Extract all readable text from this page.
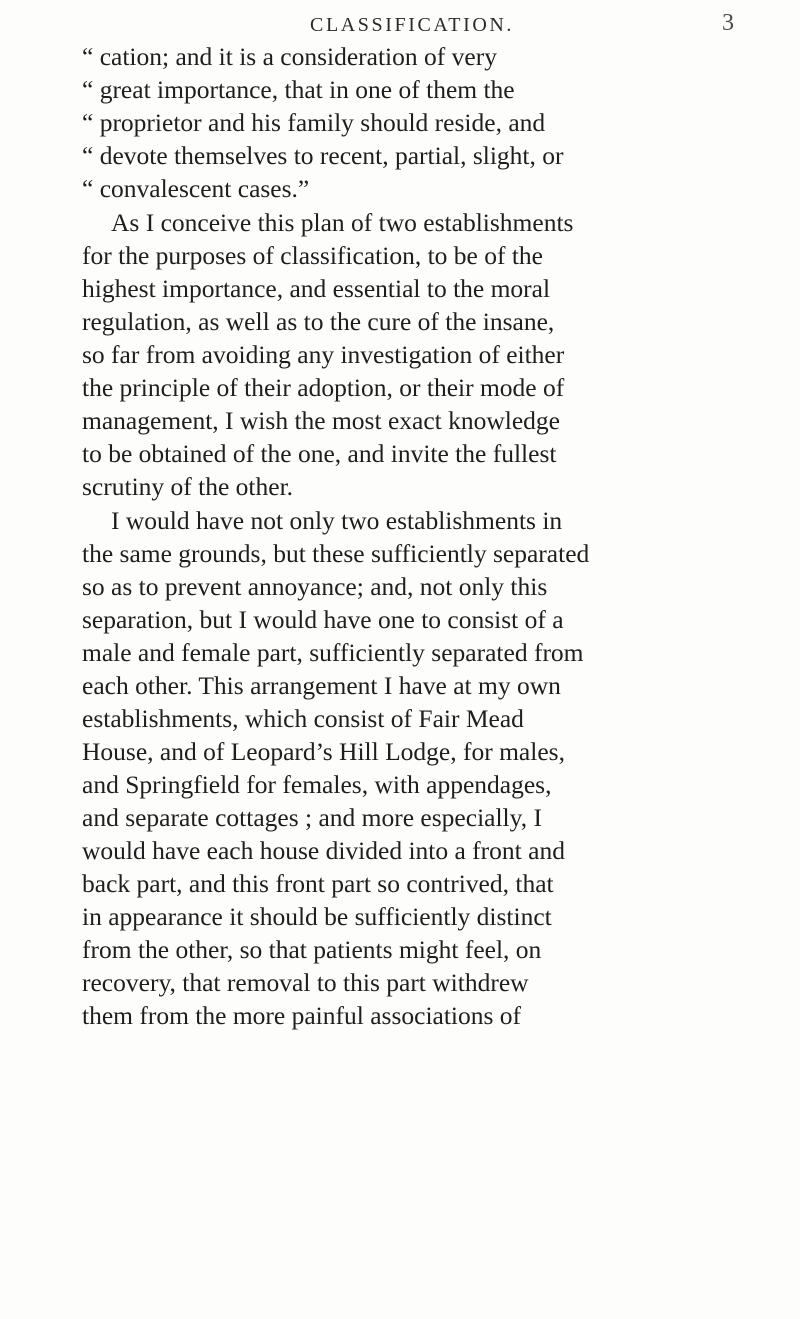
CLASSIFICATION.	3
“ cation; and it is a consideration of very
“ great importance, that in one of them the
“ proprietor and his family should reside, and
“ devote themselves to recent, partial, slight, or
“ convalescent cases.”
As I conceive this plan of two establishments
for the purposes of classification, to be of the
highest importance, and essential to the moral
regulation, as well as to the cure of the insane,
so far from avoiding any investigation of either
the principle of their adoption, or their mode of
management, I wish the most exact knowledge
to be obtained of the one, and invite the fullest
scrutiny of the other.
I would have not only two establishments in
the same grounds, but these sufficiently separated
so as to prevent annoyance; and, not only this
separation, but I would have one to consist of a
male and female part, sufficiently separated from
each other. This arrangement I have at my own
establishments, which consist of Fair Mead
House, and of Leopard’s Hill Lodge, for males,
and Springfield for females, with appendages,
and separate cottages ; and more especially, I
would have each house divided into a front and
back part, and this front part so contrived, that
in appearance it should be sufficiently distinct
from the other, so that patients might feel, on
recovery, that removal to this part withdrew
them from the more painful associations of
